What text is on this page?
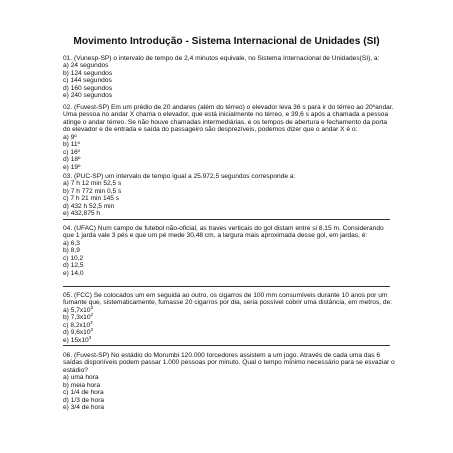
Movimento Introdução - Sistema Internacional de Unidades (SI)

01. (Vunesp-SP) o intervalo de tempo de 2,4 minutos equivale, no Sistema Internacional de Unidades(SI), a:

a) 24 segundos
b) 124 segundos
c) 144 segundos
d) 160 segundos
e) 240 segundos

02. (Fuvest-SP) Em um prédio de 20 andares (além do térreo) o elevador leva 36 s para ir do térreo ao 20ºandar. Uma pessoa no andar X chama o elevador, que está inicialmente no térreo, e 39,6 s após a chamada a pessoa atinge o andar térreo. Se não houve chamadas intermediárias, e os tempos de abertura e fechamento da porta do elevador e de entrada e saída do passageiro são desprezíveis, podemos dizer que o andar X é o:

a) 9º
b) 11º
c) 16º
d) 18º
e) 19º

03. (PUC-SP) um intervalo de tempo igual a 25.972,5 segundos corresponde a:

a) 7 h 12 min 52,5 s
b) 7 h 772 min 0,5 s
c) 7 h 21 min 145 s
d) 432 h 52,5 min
e) 432,875 h

04. (UFAC) Num campo de futebol não-oficial, as traves verticais do gol distam entre si 8,15 m. Considerando que 1 jarda vale 3 pés e que um pé mede 30,48 cm, a largura mais aproximada desse gol, em jardas, é:

a) 6,3
b) 8,9
c) 10,2
d) 12,5
e) 14,0

05. (FCC) Se colocados um em seguida ao outro, os cigarros de 100 mm consumíveis durante 10 anos por um fumante que, sistematicamente, fumasse 20 cigarros por dia, seria possível cobrir uma distância, em metros, de:

a) $5,7x10^2$
b) $7,3x10^2$
c) $8,2x10^3$
d) $9,6x10^3$
e) $15x10^3$

06. (Fuvest-SP) No estádio do Morumbi 120.000 torcedores assistem a um jogo. Através de cada uma das 6 saídas disponíveis podem passar 1.000 pessoas por minuto. Qual o tempo mínimo necessário para se esvaziar o estádio?

a) uma hora
b) meia hora
c) 1/4 de hora
d) 1/3 de hora
e) 3/4 de hora
